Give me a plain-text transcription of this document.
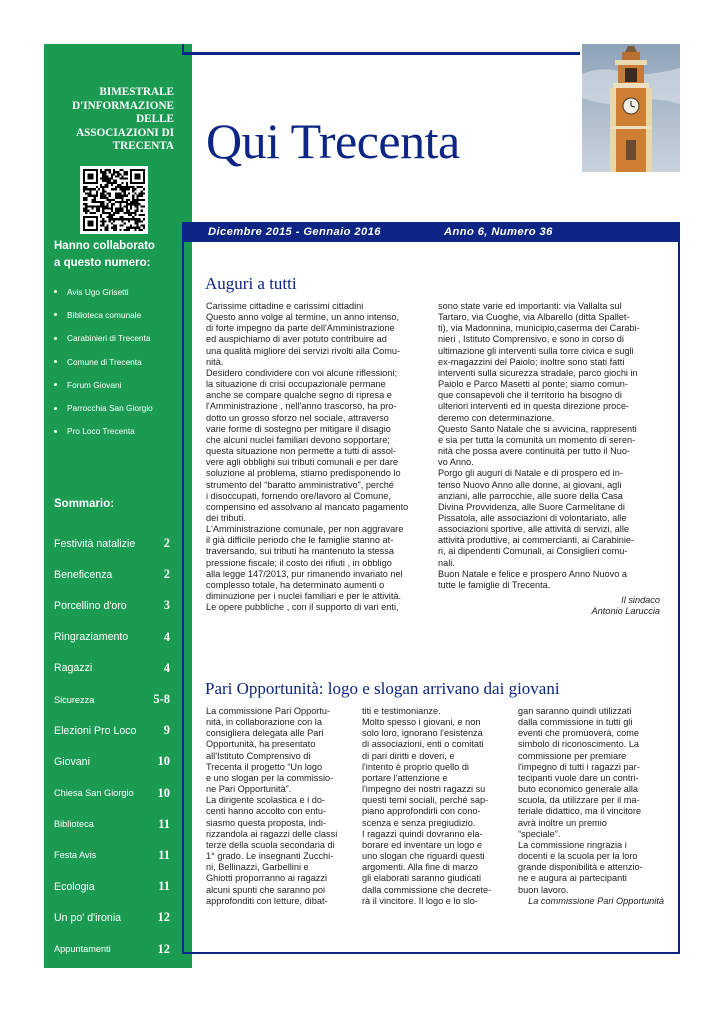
BIMESTRALE
D'INFORMAZIONE
DELLE
ASSOCIAZIONI DI
TRECENTA
Hanno collaborato
a questo numero:
Avis Ugo Grisetti
Biblioteca comunale
Carabinieri di Trecenta
Comune di Trecenta
Forum Giovani
Parrocchia San Giorgio
Pro Loco Trecenta
Sommario:
Festività natalizie 2
Beneficenza	2
Porcellino d'oro	3
Ringraziamento	4
Ragazzi	4
Sicurezza	5-8
Elezioni Pro Loco 9
Giovani	10
Chiesa San Giorgio 10
Biblioteca	11
Festa Avis	11
Ecologia	11
Un po' d'ironia	12
Appuntamenti	12
Qui Trecenta
Dicembre 2015 - Gennaio 2016	Anno 6, Numero 36
Auguri a tutti

Carissime cittadine e carissimi cittadini

Questo anno volge al termine, un anno intenso,

di forte impegno da parte dell'Amministrazione

ed auspichiamo di aver potuto contribuire ad

una qualità migliore dei servizi rivolti alla Comu-

nità.

Desidero condividere con voi alcune riflessioni;

la situazione di crisi occupazionale permane

anche se compare qualche segno di ripresa e

l'Amministrazione , nell'anno trascorso, ha pro-

dotto un grosso sforzo nel sociale, attraverso

varie forme di sostegno per mitigare il disagio

che alcuni nuclei familiari devono sopportare;

questa situazione non permette a tutti di assol-

vere agli obblighi sui tributi comunali e per dare

soluzione al problema, stiamo predisponendo lo

strumento del “baratto amministrativo”, perché

i disoccupati, fornendo ore/lavoro al Comune,

compensino ed assolvano al mancato pagamento

dei tributi.

L'Amministrazione comunale, per non aggravare

il già difficile periodo che le famiglie stanno at-

traversando, sui tributi ha mantenuto la stessa

pressione fiscale; il costo dei rifiuti , in obbligo

alla legge 147/2013, pur rimanendo invariato nel

complesso totale, ha determinato aumenti o

diminuzione per i nuclei familiari e per le attività.

Le opere pubbliche , con il supporto di vari enti,

sono state varie ed importanti: via Vallalta sul

Tartaro, via Cuoghe, via Albarello (ditta Spallet-

ti), via Madonnina, municipio,caserma dei Carabi-

nieri , Istituto Comprensivo, e sono in corso di

ultimazione gli interventi sulla torre civica e sugli

ex-magazzini del Paiolo; inoltre sono stati fatti

interventi sulla sicurezza stradale, parco giochi in

Paiolo e Parco Masetti al ponte; siamo comun-

que consapevoli che il territorio ha bisogno di

ulteriori interventi ed in questa direzione proce-

deremo con determinazione.

Questo Santo Natale che si avvicina, rappresenti

e sia per tutta la comunità un momento di seren-

nità che possa avere continuità per tutto il Nuo-

vo Anno.

Porgo gli auguri di Natale e di prospero ed in-

tenso Nuovo Anno alle donne, ai giovani, agli

anziani, alle parrocchie, alle suore della Casa

Divina Provvidenza, alle Suore Carmelitane di

Pissatola, alle associazioni di volontariato, alle

associazioni sportive, alle attività di servizi, alle

attività produttive, ai commercianti, ai Carabinie-

ri, ai dipendenti Comunali, ai Consiglieri comu-

nali.

Buon Natale e felice e prospero Anno Nuovo a

tutte le famiglie di Trecenta.

Il sindaco

Antonio Laruccia

Pari Opportunità: logo e slogan arrivano dai giovani

La commissione Pari Opportu-

nità, in collaborazione con la

consigliera delegata alle Pari

Opportunità, ha presentato

all'Istituto Comprensivo di

Trecenta il progetto “Un logo

e uno slogan per la commissio-

ne Pari Opportunità”.

La dirigente scolastica e i do-

centi hanno accolto con entu-

siasmo questa proposta, indi-

rizzandola ai ragazzi delle classi

terze della scuola secondaria di

1° grado. Le insegnanti Zucchi-

ni, Bellinazzi, Garbellini e

Ghiotti proporranno ai ragazzi

alcuni spunti che saranno poi

approfonditi con letture, dibat-

titi e testimonianze.

Molto spesso i giovani, e non

solo loro, ignorano l'esistenza

di associazioni, enti o comitati

di pari diritti e doveri, e

l'intento è proprio quello di

portare l'attenzione e

l'impegno dei nostri ragazzi su

questi temi sociali, perché sap-

piano approfondirli con cono-

scenza e senza pregiudizio.

I ragazzi quindi dovranno ela-

borare ed inventare un logo e

uno slogan che riguardi questi

argomenti. Alla fine di marzo

gli elaborati saranno giudicati

dalla commissione che decrete-

rà il vincitore. Il logo e lo slo-

gan saranno quindi utilizzati

dalla commissione in tutti gli

eventi che promuoverà, come

simbolo di riconoscimento. La

commissione per premiare

l'impegno di tutti i ragazzi par-

tecipanti vuole dare un contri-

buto economico generale alla

scuola, da utilizzare per il ma-

teriale didattico, ma il vincitore

avrà inoltre un premio

“speciale”.

La commissione ringrazia i

docenti e la scuola per la loro

grande disponibilità e attenzio-

ne e augura ai partecipanti

buon lavoro.

La commissione Pari Opportunità
